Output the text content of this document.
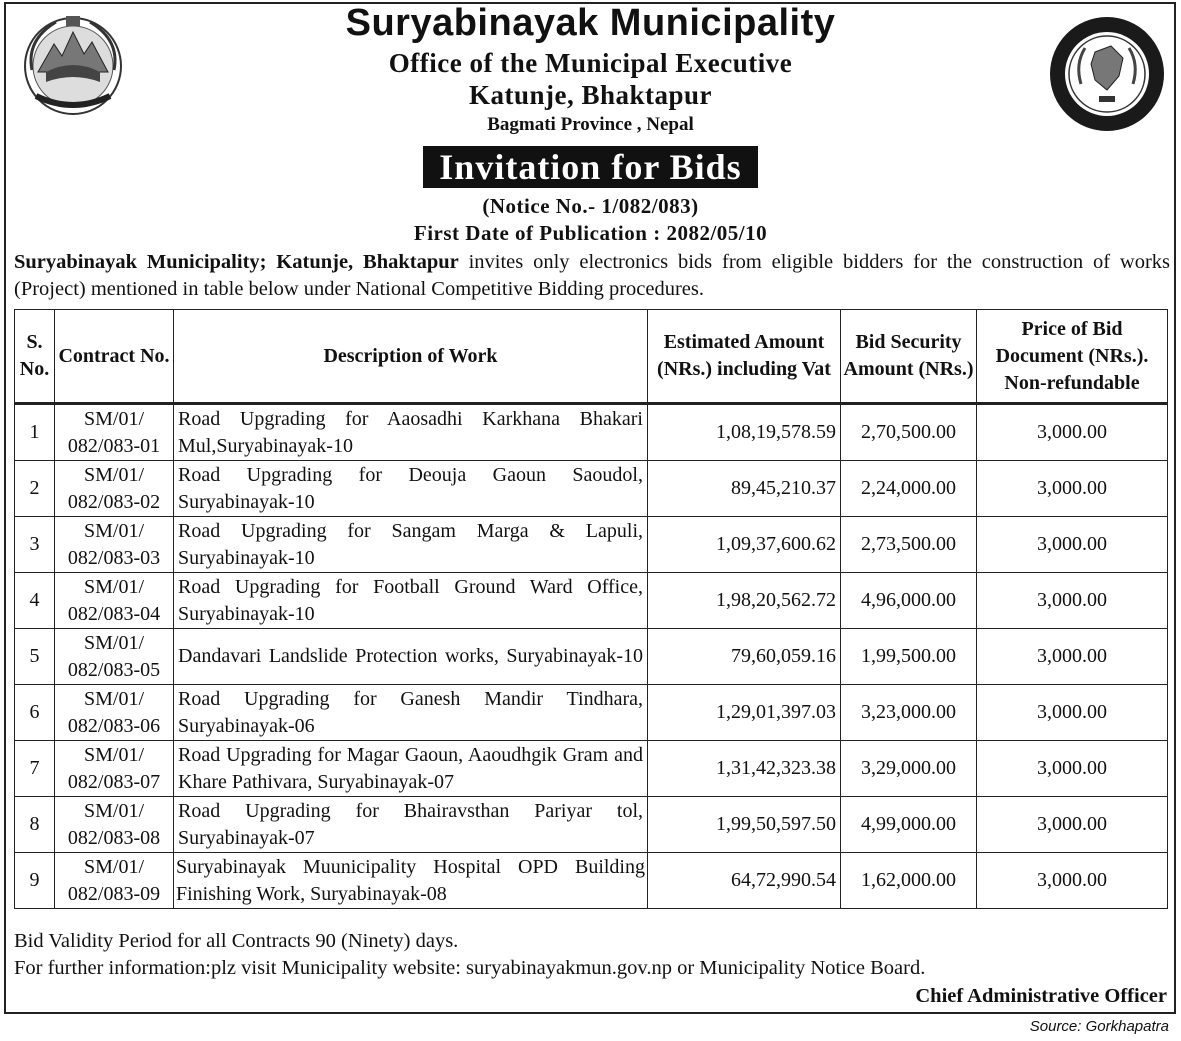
Suryabinayak Municipality
Office of the Municipal Executive
Katunje, Bhaktapur
Bagmati Province , Nepal
Invitation for Bids
(Notice No.- 1/082/083)
First Date of Publication : 2082/05/10
Suryabinayak Municipality; Katunje, Bhaktapur invites only electronics bids from eligible bidders for the construction of works (Project) mentioned in table below under National Competitive Bidding procedures.
S. No.	Contract No.	Description of Work	Estimated Amount (NRs.) including Vat	Bid Security Amount (NRs.)	Price of Bid Document (NRs.). Non-refundable
1	SM/01/ 082/083-01	Road Upgrading for Aaosadhi Karkhana Bhakari Mul,Suryabinayak-10	1,08,19,578.59	2,70,500.00	3,000.00
2	SM/01/ 082/083-02	Road Upgrading for Deouja Gaoun Saoudol, Suryabinayak-10	89,45,210.37	2,24,000.00	3,000.00
3	SM/01/ 082/083-03	Road Upgrading for Sangam Marga & Lapuli, Suryabinayak-10	1,09,37,600.62	2,73,500.00	3,000.00
4	SM/01/ 082/083-04	Road Upgrading for Football Ground Ward Office, Suryabinayak-10	1,98,20,562.72	4,96,000.00	3,000.00
5	SM/01/ 082/083-05	Dandavari Landslide Protection works, Suryabinayak-10	79,60,059.16	1,99,500.00	3,000.00
6	SM/01/ 082/083-06	Road Upgrading for Ganesh Mandir Tindhara, Suryabinayak-06	1,29,01,397.03	3,23,000.00	3,000.00
7	SM/01/ 082/083-07	Road Upgrading for Magar Gaoun, Aaoudhgik Gram and Khare Pathivara, Suryabinayak-07	1,31,42,323.38	3,29,000.00	3,000.00
8	SM/01/ 082/083-08	Road Upgrading for Bhairavsthan Pariyar tol, Suryabinayak-07	1,99,50,597.50	4,99,000.00	3,000.00
9	SM/01/ 082/083-09	Suryabinayak Muunicipality Hospital OPD Building Finishing Work, Suryabinayak-08	64,72,990.54	1,62,000.00	3,000.00
Bid Validity Period for all Contracts 90 (Ninety) days.
For further information:plz visit Municipality website: suryabinayakmun.gov.np or Municipality Notice Board.
Chief Administrative Officer
Source: Gorkhapatra
